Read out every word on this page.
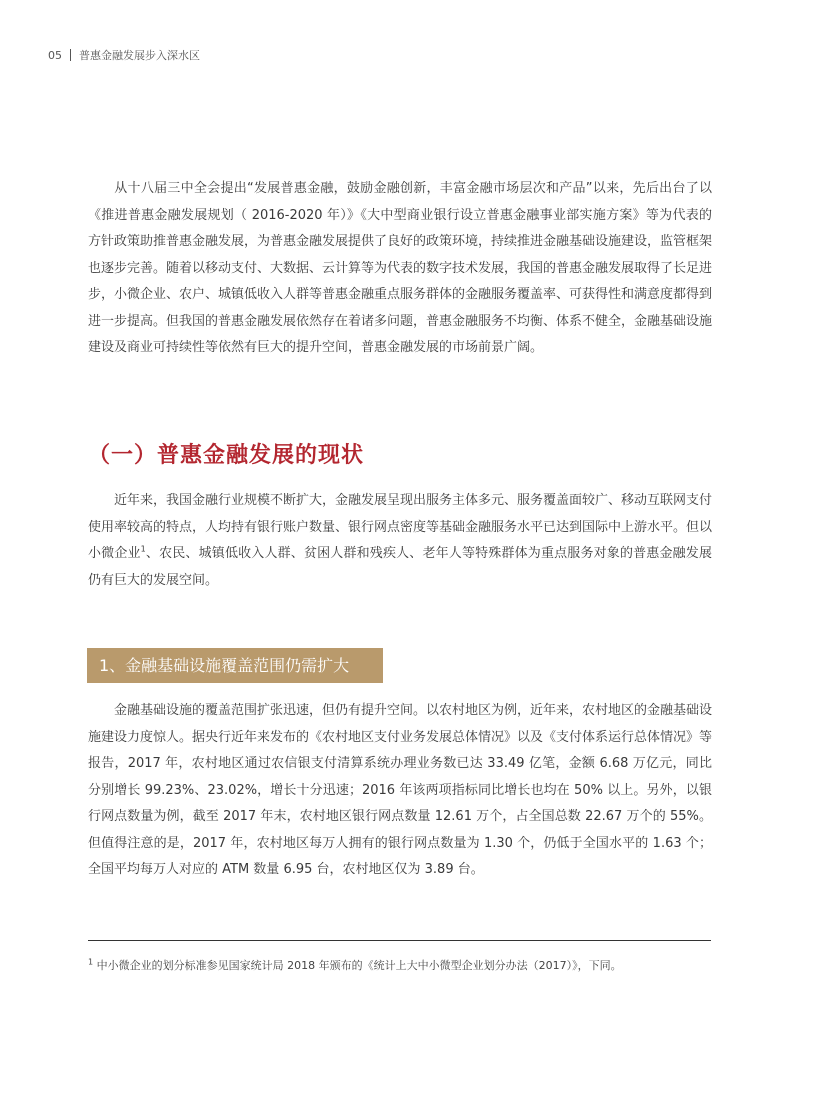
05 普惠金融发展步入深水区

从十八届三中全会提出“发展普惠金融，鼓励金融创新，丰富金融市场层次和产品”以来，先后出台了以《推进普惠金融发展规划（ 2016-2020 年）》《大中型商业银行设立普惠金融事业部实施方案》等为代表的方针政策助推普惠金融发展，为普惠金融发展提供了良好的政策环境，持续推进金融基础设施建设，监管框架也逐步完善。随着以移动支付、大数据、云计算等为代表的数字技术发展，我国的普惠金融发展取得了长足进步，小微企业、农户、城镇低收入人群等普惠金融重点服务群体的金融服务覆盖率、可获得性和满意度都得到进一步提高。但我国的普惠金融发展依然存在着诸多问题，普惠金融服务不均衡、体系不健全，金融基础设施建设及商业可持续性等依然有巨大的提升空间，普惠金融发展的市场前景广阔。

（一）普惠金融发展的现状

近年来，我国金融行业规模不断扩大，金融发展呈现出服务主体多元、服务覆盖面较广、移动互联网支付使用率较高的特点，人均持有银行账户数量、银行网点密度等基础金融服务水平已达到国际中上游水平。但以小微企业$^1$、农民、城镇低收入人群、贫困人群和残疾人、老年人等特殊群体为重点服务对象的普惠金融发展仍有巨大的发展空间。

1、金融基础设施覆盖范围仍需扩大

金融基础设施的覆盖范围扩张迅速，但仍有提升空间。以农村地区为例，近年来，农村地区的金融基础设施建设力度惊人。据央行近年来发布的《农村地区支付业务发展总体情况》以及《支付体系运行总体情况》等报告，2017 年，农村地区通过农信银支付清算系统办理业务数已达 33.49 亿笔，金额 6.68 万亿元，同比分别增长 99.23%、23.02%，增长十分迅速；2016 年该两项指标同比增长也均在 50% 以上。另外，以银行网点数量为例，截至 2017 年末，农村地区银行网点数量 12.61 万个，占全国总数 22.67 万个的 55%。但值得注意的是，2017 年，农村地区每万人拥有的银行网点数量为 1.30 个，仍低于全国水平的 1.63 个；全国平均每万人对应的 ATM 数量 6.95 台，农村地区仅为 3.89 台。

$^1$ 中小微企业的划分标准参见国家统计局 2018 年颁布的《统计上大中小微型企业划分办法（2017）》，下同。
